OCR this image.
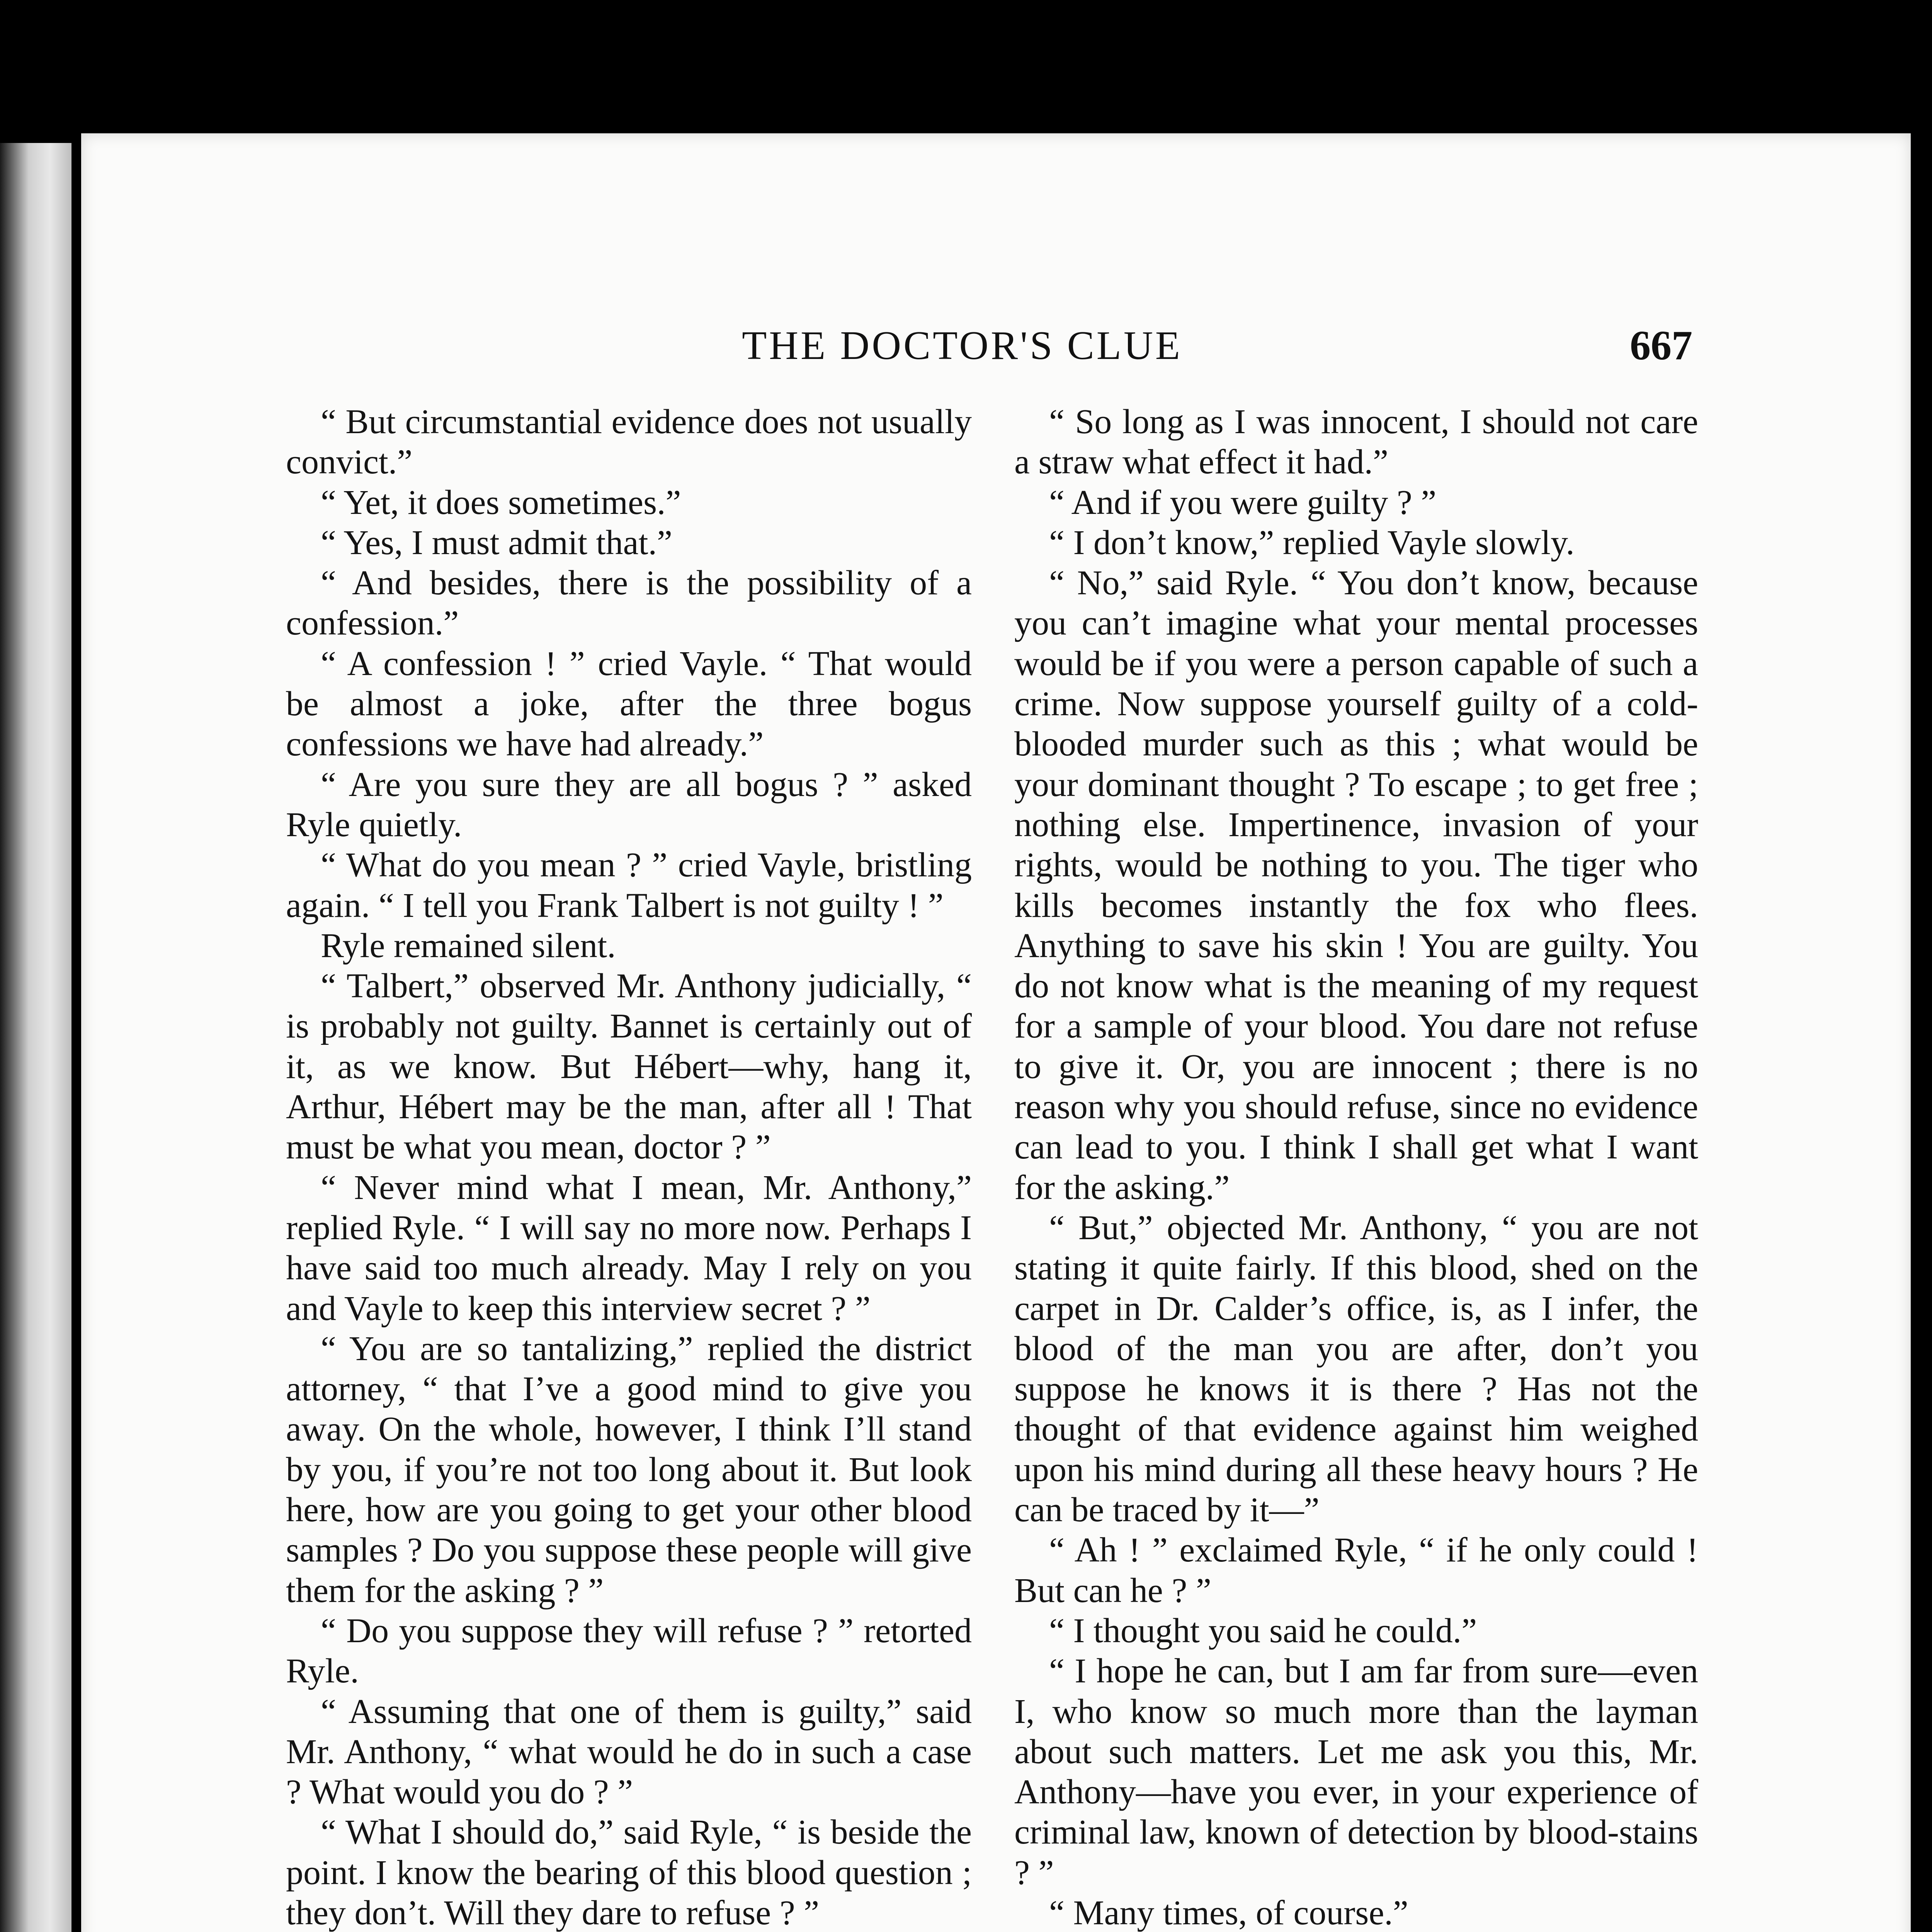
THE DOCTOR'S CLUE	667

“ But circumstantial evidence does not usually convict.”

“ Yet, it does sometimes.”

“ Yes, I must admit that.”

“ And besides, there is the possibility of a confession.”

“ A confession ! ” cried Vayle. “ That would be almost a joke, after the three bogus confessions we have had already.”

“ Are you sure they are all bogus ? ” asked Ryle quietly.

“ What do you mean ? ” cried Vayle, bristling again. “ I tell you Frank Talbert is not guilty ! ”

Ryle remained silent.

“ Talbert,” observed Mr. Anthony judicially, “ is probably not guilty. Bannet is certainly out of it, as we know. But Hébert—why, hang it, Arthur, Hébert may be the man, after all ! That must be what you mean, doctor ? ”

“ Never mind what I mean, Mr. Anthony,” replied Ryle. “ I will say no more now. Perhaps I have said too much already. May I rely on you and Vayle to keep this interview secret ? ”

“ You are so tantalizing,” replied the district attorney, “ that I’ve a good mind to give you away. On the whole, however, I think I’ll stand by you, if you’re not too long about it. But look here, how are you going to get your other blood samples ? Do you suppose these people will give them for the asking ? ”

“ Do you suppose they will refuse ? ” retorted Ryle.

“ Assuming that one of them is guilty,” said Mr. Anthony, “ what would he do in such a case ? What would you do ? ”

“ What I should do,” said Ryle, “ is beside the point. I know the bearing of this blood question ; they don’t. Will they dare to refuse ? ”

“ So long as I was innocent, I should not care a straw what effect it had.”

“ And if you were guilty ? ”

“ I don’t know,” replied Vayle slowly.

“ No,” said Ryle. “ You don’t know, because you can’t imagine what your mental processes would be if you were a person capable of such a crime. Now suppose yourself guilty of a cold-blooded murder such as this ; what would be your dominant thought ? To escape ; to get free ; nothing else. Impertinence, invasion of your rights, would be nothing to you. The tiger who kills becomes instantly the fox who flees. Anything to save his skin ! You are guilty. You do not know what is the meaning of my request for a sample of your blood. You dare not refuse to give it. Or, you are innocent ; there is no reason why you should refuse, since no evidence can lead to you. I think I shall get what I want for the asking.”

“ But,” objected Mr. Anthony, “ you are not stating it quite fairly. If this blood, shed on the carpet in Dr. Calder’s office, is, as I infer, the blood of the man you are after, don’t you suppose he knows it is there ? Has not the thought of that evidence against him weighed upon his mind during all these heavy hours ? He can be traced by it—”

“ Ah ! ” exclaimed Ryle, “ if he only could ! But can he ? ”

“ I thought you said he could.”

“ I hope he can, but I am far from sure—even I, who know so much more than the layman about such matters. Let me ask you this, Mr. Anthony—have you ever, in your experience of criminal law, known of detection by blood-stains ? ”

“ Many times, of course.”
